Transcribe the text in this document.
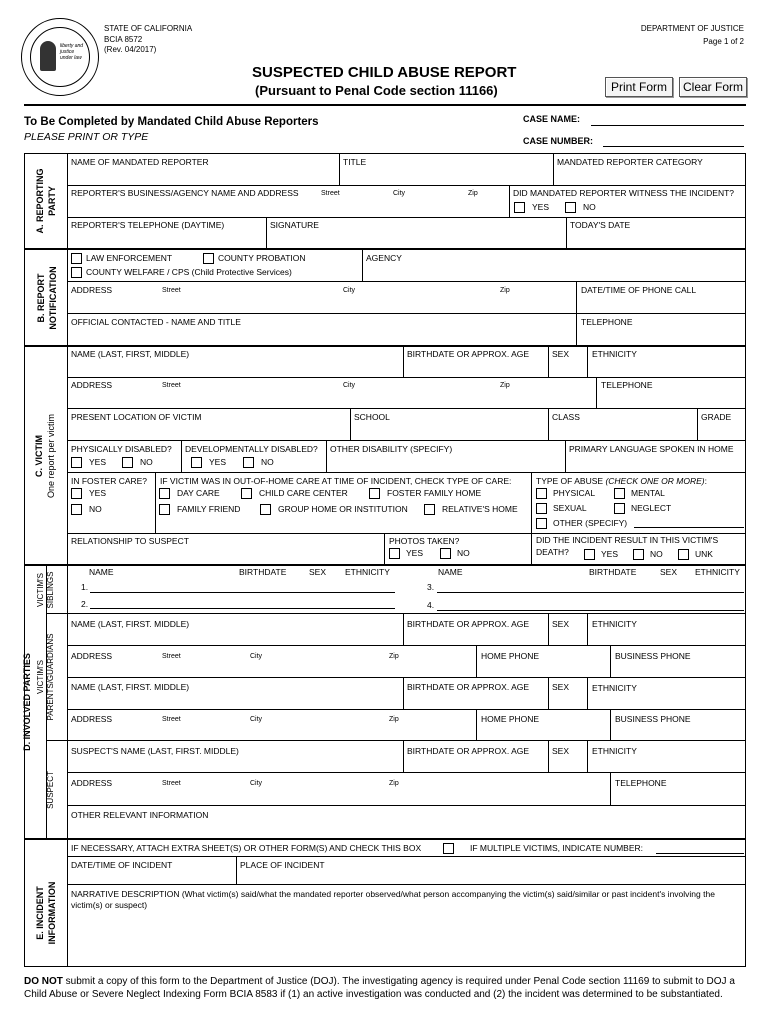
liberty and justice under law
STATE OF CALIFORNIA
BCIA 8572
(Rev. 04/2017)
DEPARTMENT OF JUSTICE
Page 1 of 2
SUSPECTED CHILD ABUSE REPORT
(Pursuant to Penal Code section 11166)	Print Form	Clear Form
To Be Completed by Mandated Child Abuse Reporters
PLEASE PRINT OR TYPE
CASE NAME:
CASE NUMBER:
A. REPORTING PARTY
NAME OF MANDATED REPORTER	TITLE	MANDATED REPORTER CATEGORY
REPORTER'S BUSINESS/AGENCY NAME AND ADDRESS	Street	City	Zip	DID MANDATED REPORTER WITNESS THE INCIDENT?
YES	NO
REPORTER'S TELEPHONE (DAYTIME)	SIGNATURE	TODAY'S DATE
B. REPORT NOTIFICATION
LAW ENFORCEMENT	COUNTY PROBATION
COUNTY WELFARE / CPS (Child Protective Services)
AGENCY
ADDRESS	Street	City	Zip	DATE/TIME OF PHONE CALL
OFFICIAL CONTACTED - NAME AND TITLE	TELEPHONE
C. VICTIM One report per victim
NAME (LAST, FIRST, MIDDLE)	BIRTHDATE OR APPROX. AGE	SEX	ETHNICITY
ADDRESS	Street	City	Zip	TELEPHONE
PRESENT LOCATION OF VICTIM	SCHOOL	CLASS	GRADE
PHYSICALLY DISABLED?
YES	NO
DEVELOPMENTALLY DISABLED?
YES	NO
OTHER DISABILITY (SPECIFY)	PRIMARY LANGUAGE SPOKEN IN HOME
IN FOSTER CARE?
YES
NO
IF VICTIM WAS IN OUT-OF-HOME CARE AT TIME OF INCIDENT, CHECK TYPE OF CARE:
DAY CARE	CHILD CARE CENTER	FOSTER FAMILY HOME
FAMILY FRIEND	GROUP HOME OR INSTITUTION	RELATIVE'S HOME
TYPE OF ABUSE (CHECK ONE OR MORE):
PHYSICAL	MENTAL
SEXUAL	NEGLECT
OTHER (SPECIFY)
RELATIONSHIP TO SUSPECT	PHOTOS TAKEN?
YES	NO
DID THE INCIDENT RESULT IN THIS VICTIM'S
DEATH?	YES	NO	UNK
D. INVOLVED PARTIES
VICTIM'S SIBLINGS
VICTIM'S PARENTS/GUARDIANS
SUSPECT
NAME	BIRTHDATE	SEX ETHNICITY	NAME	BIRTHDATE	SEX ETHNICITY
1.
2.
3.
4.
NAME (LAST, FIRST. MIDDLE)	BIRTHDATE OR APPROX. AGE	SEX	ETHNICITY
ADDRESS	Street	City	Zip	HOME PHONE	BUSINESS PHONE
NAME (LAST, FIRST. MIDDLE)	BIRTHDATE OR APPROX. AGE	SEX	ETHNICITY
ADDRESS	Street	City	Zip	HOME PHONE	BUSINESS PHONE
SUSPECT'S NAME (LAST, FIRST. MIDDLE)	BIRTHDATE OR APPROX. AGE	SEX	ETHNICITY
ADDRESS	Street	City	Zip	TELEPHONE
OTHER RELEVANT INFORMATION
E. INCIDENT INFORMATION
IF NECESSARY, ATTACH EXTRA SHEET(S) OR OTHER FORM(S) AND CHECK THIS BOX	IF MULTIPLE VICTIMS, INDICATE NUMBER:
DATE/TIME OF INCIDENT	PLACE OF INCIDENT
NARRATIVE DESCRIPTION (What victim(s) said/what the mandated reporter observed/what person accompanying the victim(s) said/similar or past incident's involving the victim(s) or suspect)
DO NOT submit a copy of this form to the Department of Justice (DOJ). The investigating agency is required under Penal Code section 11169 to submit to DOJ a Child Abuse or Severe Neglect Indexing Form BCIA 8583 if (1) an active investigation was conducted and (2) the incident was determined to be substantiated.
